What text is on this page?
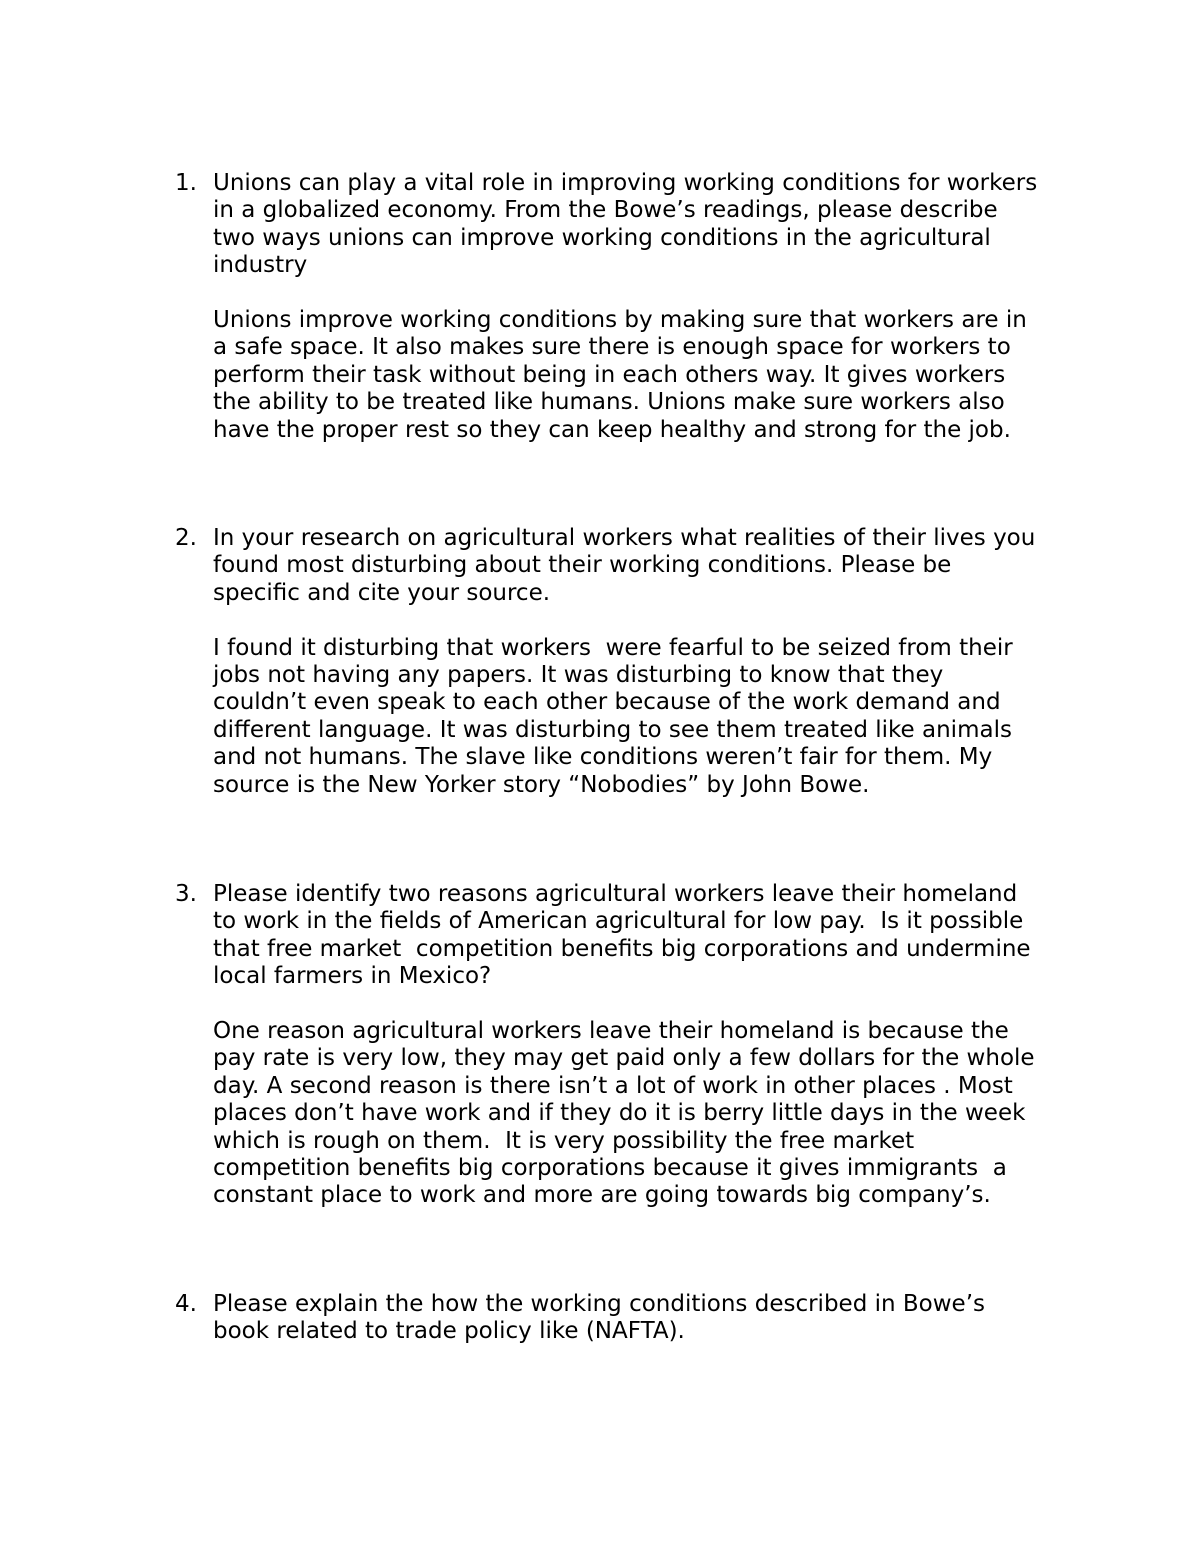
1. Unions can play a vital role in improving working conditions for workers
in a globalized economy. From the Bowe’s readings, please describe
two ways unions can improve working conditions in the agricultural
industry
Unions improve working conditions by making sure that workers are in
a safe space. It also makes sure there is enough space for workers to
perform their task without being in each others way. It gives workers
the ability to be treated like humans. Unions make sure workers also
have the proper rest so they can keep healthy and strong for the job.
2. In your research on agricultural workers what realities of their lives you
found most disturbing about their working conditions. Please be
specific and cite your source.
I found it disturbing that workers  were fearful to be seized from their
jobs not having any papers. It was disturbing to know that they
couldn’t even speak to each other because of the work demand and
different language. It was disturbing to see them treated like animals
and not humans. The slave like conditions weren’t fair for them. My
source is the New Yorker story “Nobodies” by John Bowe.
3. Please identify two reasons agricultural workers leave their homeland
to work in the fields of American agricultural for low pay.  Is it possible
that free market  competition benefits big corporations and undermine
local farmers in Mexico?
One reason agricultural workers leave their homeland is because the
pay rate is very low, they may get paid only a few dollars for the whole
day. A second reason is there isn’t a lot of work in other places . Most
places don’t have work and if they do it is berry little days in the week
which is rough on them.  It is very possibility the free market
competition benefits big corporations because it gives immigrants  a
constant place to work and more are going towards big company’s.
4. Please explain the how the working conditions described in Bowe’s
book related to trade policy like (NAFTA).
